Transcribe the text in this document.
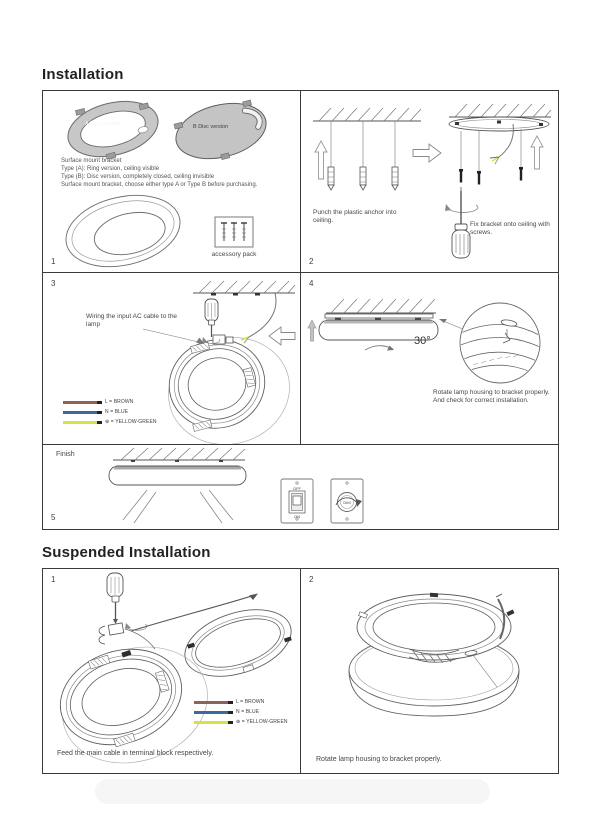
Installation
A Ring version	B Disc version
Surface mount bracket
Type (A): Ring version, ceiling visible
Type (B): Disc version, completely closed, ceiling invisible
Surface mount bracket, choose either type A or Type B before purchasing.
accessory pack
1
Punch the plastic anchor into ceiling.
Fix bracket onto ceiling with screws.
2
Wiring the input AC cable to the lamp
L = BROWN
N = BLUE
⊕ = YELLOW-GREEN
3
30°
Rotate lamp housing to bracket properly. And check for correct installation.
4
Finish
OFF
ON
DIM
5
Suspended Installation
L = BROWN
N = BLUE
⊕ = YELLOW-GREEN
Feed the main cable in terminal block respectively.
1
Rotate lamp housing to bracket properly.
2
